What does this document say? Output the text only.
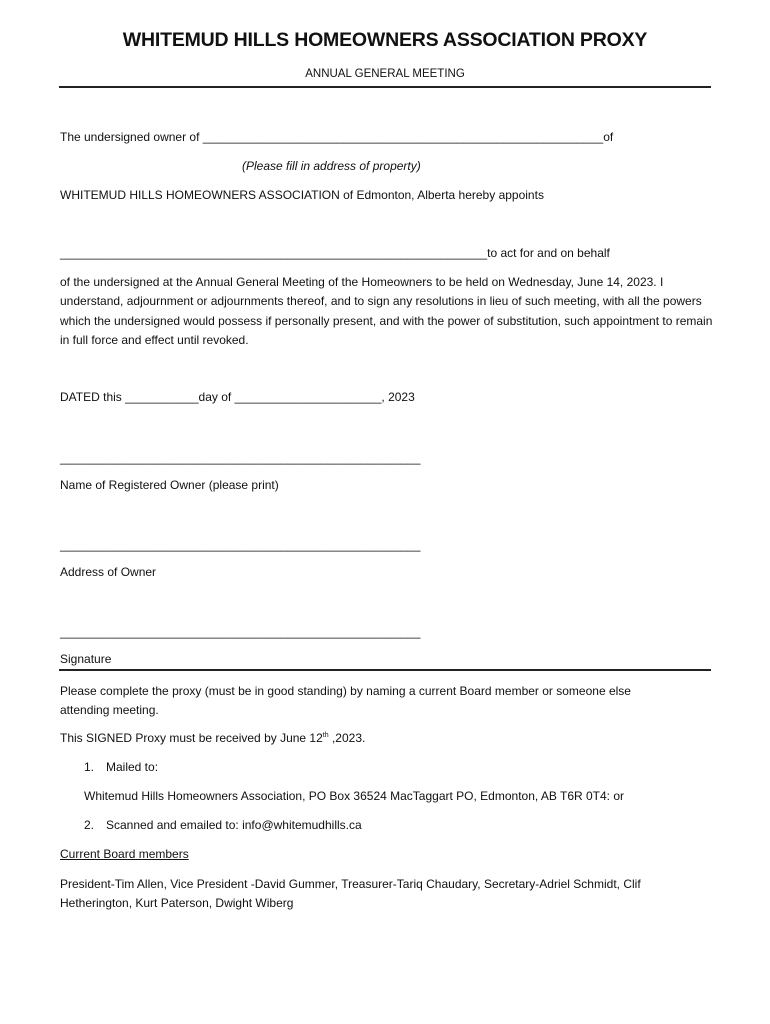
WHITEMUD HILLS HOMEOWNERS ASSOCIATION PROXY
ANNUAL GENERAL MEETING
The undersigned owner of ____________________________________________________________of
(Please fill in address of property)
WHITEMUD HILLS HOMEOWNERS ASSOCIATION of Edmonton, Alberta hereby appoints
________________________________________________________________to act for and on behalf
of the undersigned at the Annual General Meeting of the Homeowners to be held on Wednesday, June 14, 2023. I understand, adjournment or adjournments thereof, and to sign any resolutions in lieu of such meeting, with all the powers which the undersigned would possess if personally present, and with the power of substitution, such appointment to remain in full force and effect until revoked.
DATED this ___________day of ______________________, 2023
______________________________________________________
Name of Registered Owner (please print)
______________________________________________________
Address of Owner
______________________________________________________
Signature
Please complete the proxy (must be in good standing) by naming a current Board member or someone else attending meeting.
This SIGNED Proxy must be received by June 12th ,2023.
1. Mailed to:
Whitemud Hills Homeowners Association, PO Box 36524 MacTaggart PO, Edmonton, AB T6R 0T4: or
2. Scanned and emailed to: info@whitemudhills.ca
Current Board members
President-Tim Allen, Vice President -David Gummer, Treasurer-Tariq Chaudary, Secretary-Adriel Schmidt, Clif Hetherington, Kurt Paterson, Dwight Wiberg
